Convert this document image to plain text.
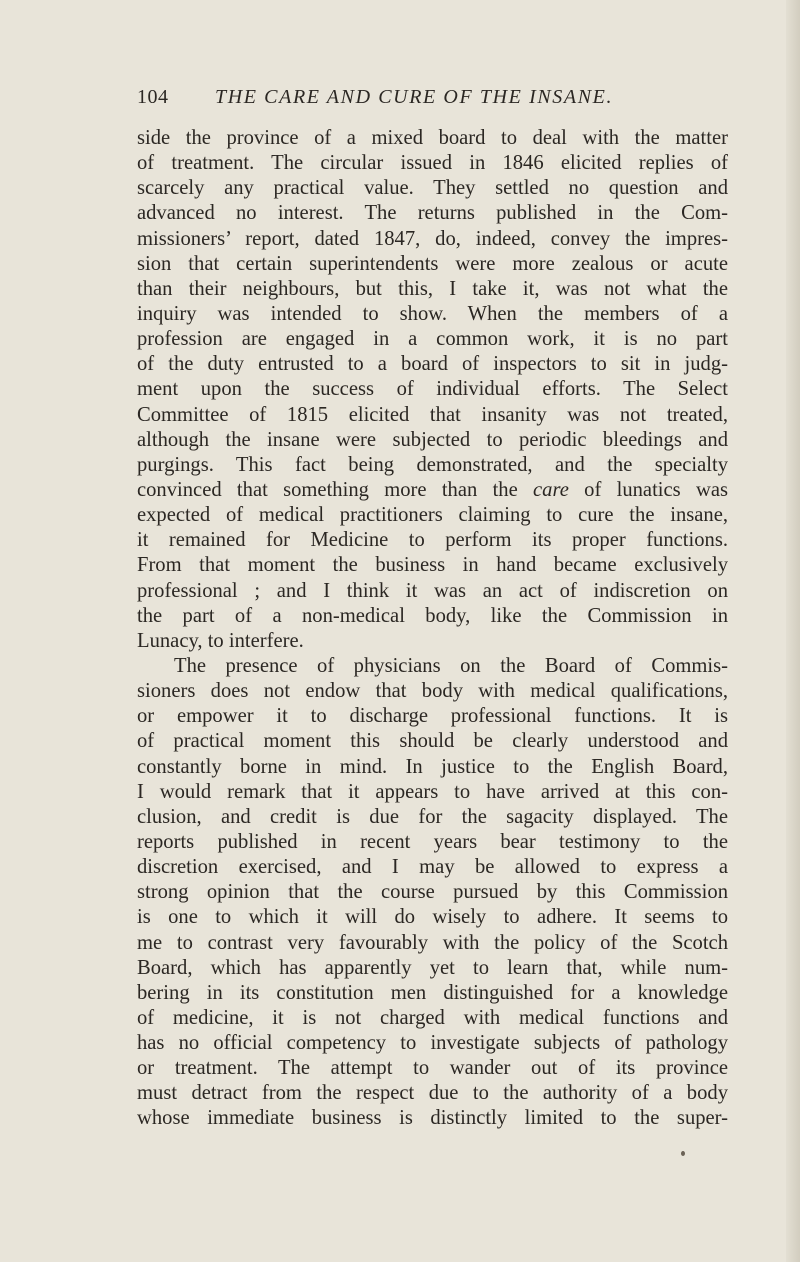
104 THE CARE AND CURE OF THE INSANE.
side the province of a mixed board to deal with the matter
of treatment. The circular issued in 1846 elicited replies of
scarcely any practical value. They settled no question and
advanced no interest. The returns published in the Com-
missioners’ report, dated 1847, do, indeed, convey the impres-
sion that certain superintendents were more zealous or acute
than their neighbours, but this, I take it, was not what the
inquiry was intended to show. When the members of a
profession are engaged in a common work, it is no part
of the duty entrusted to a board of inspectors to sit in judg-
ment upon the success of individual efforts. The Select
Committee of 1815 elicited that insanity was not treated,
although the insane were subjected to periodic bleedings and
purgings. This fact being demonstrated, and the specialty
convinced that something more than the care of lunatics was
expected of medical practitioners claiming to cure the insane,
it remained for Medicine to perform its proper functions.
From that moment the business in hand became exclusively
professional ; and I think it was an act of indiscretion on
the part of a non-medical body, like the Commission in
Lunacy, to interfere.
The presence of physicians on the Board of Commis-
sioners does not endow that body with medical qualifications,
or empower it to discharge professional functions. It is
of practical moment this should be clearly understood and
constantly borne in mind. In justice to the English Board,
I would remark that it appears to have arrived at this con-
clusion, and credit is due for the sagacity displayed. The
reports published in recent years bear testimony to the
discretion exercised, and I may be allowed to express a
strong opinion that the course pursued by this Commission
is one to which it will do wisely to adhere. It seems to
me to contrast very favourably with the policy of the Scotch
Board, which has apparently yet to learn that, while num-
bering in its constitution men distinguished for a knowledge
of medicine, it is not charged with medical functions and
has no official competency to investigate subjects of pathology
or treatment. The attempt to wander out of its province
must detract from the respect due to the authority of a body
whose immediate business is distinctly limited to the super-
